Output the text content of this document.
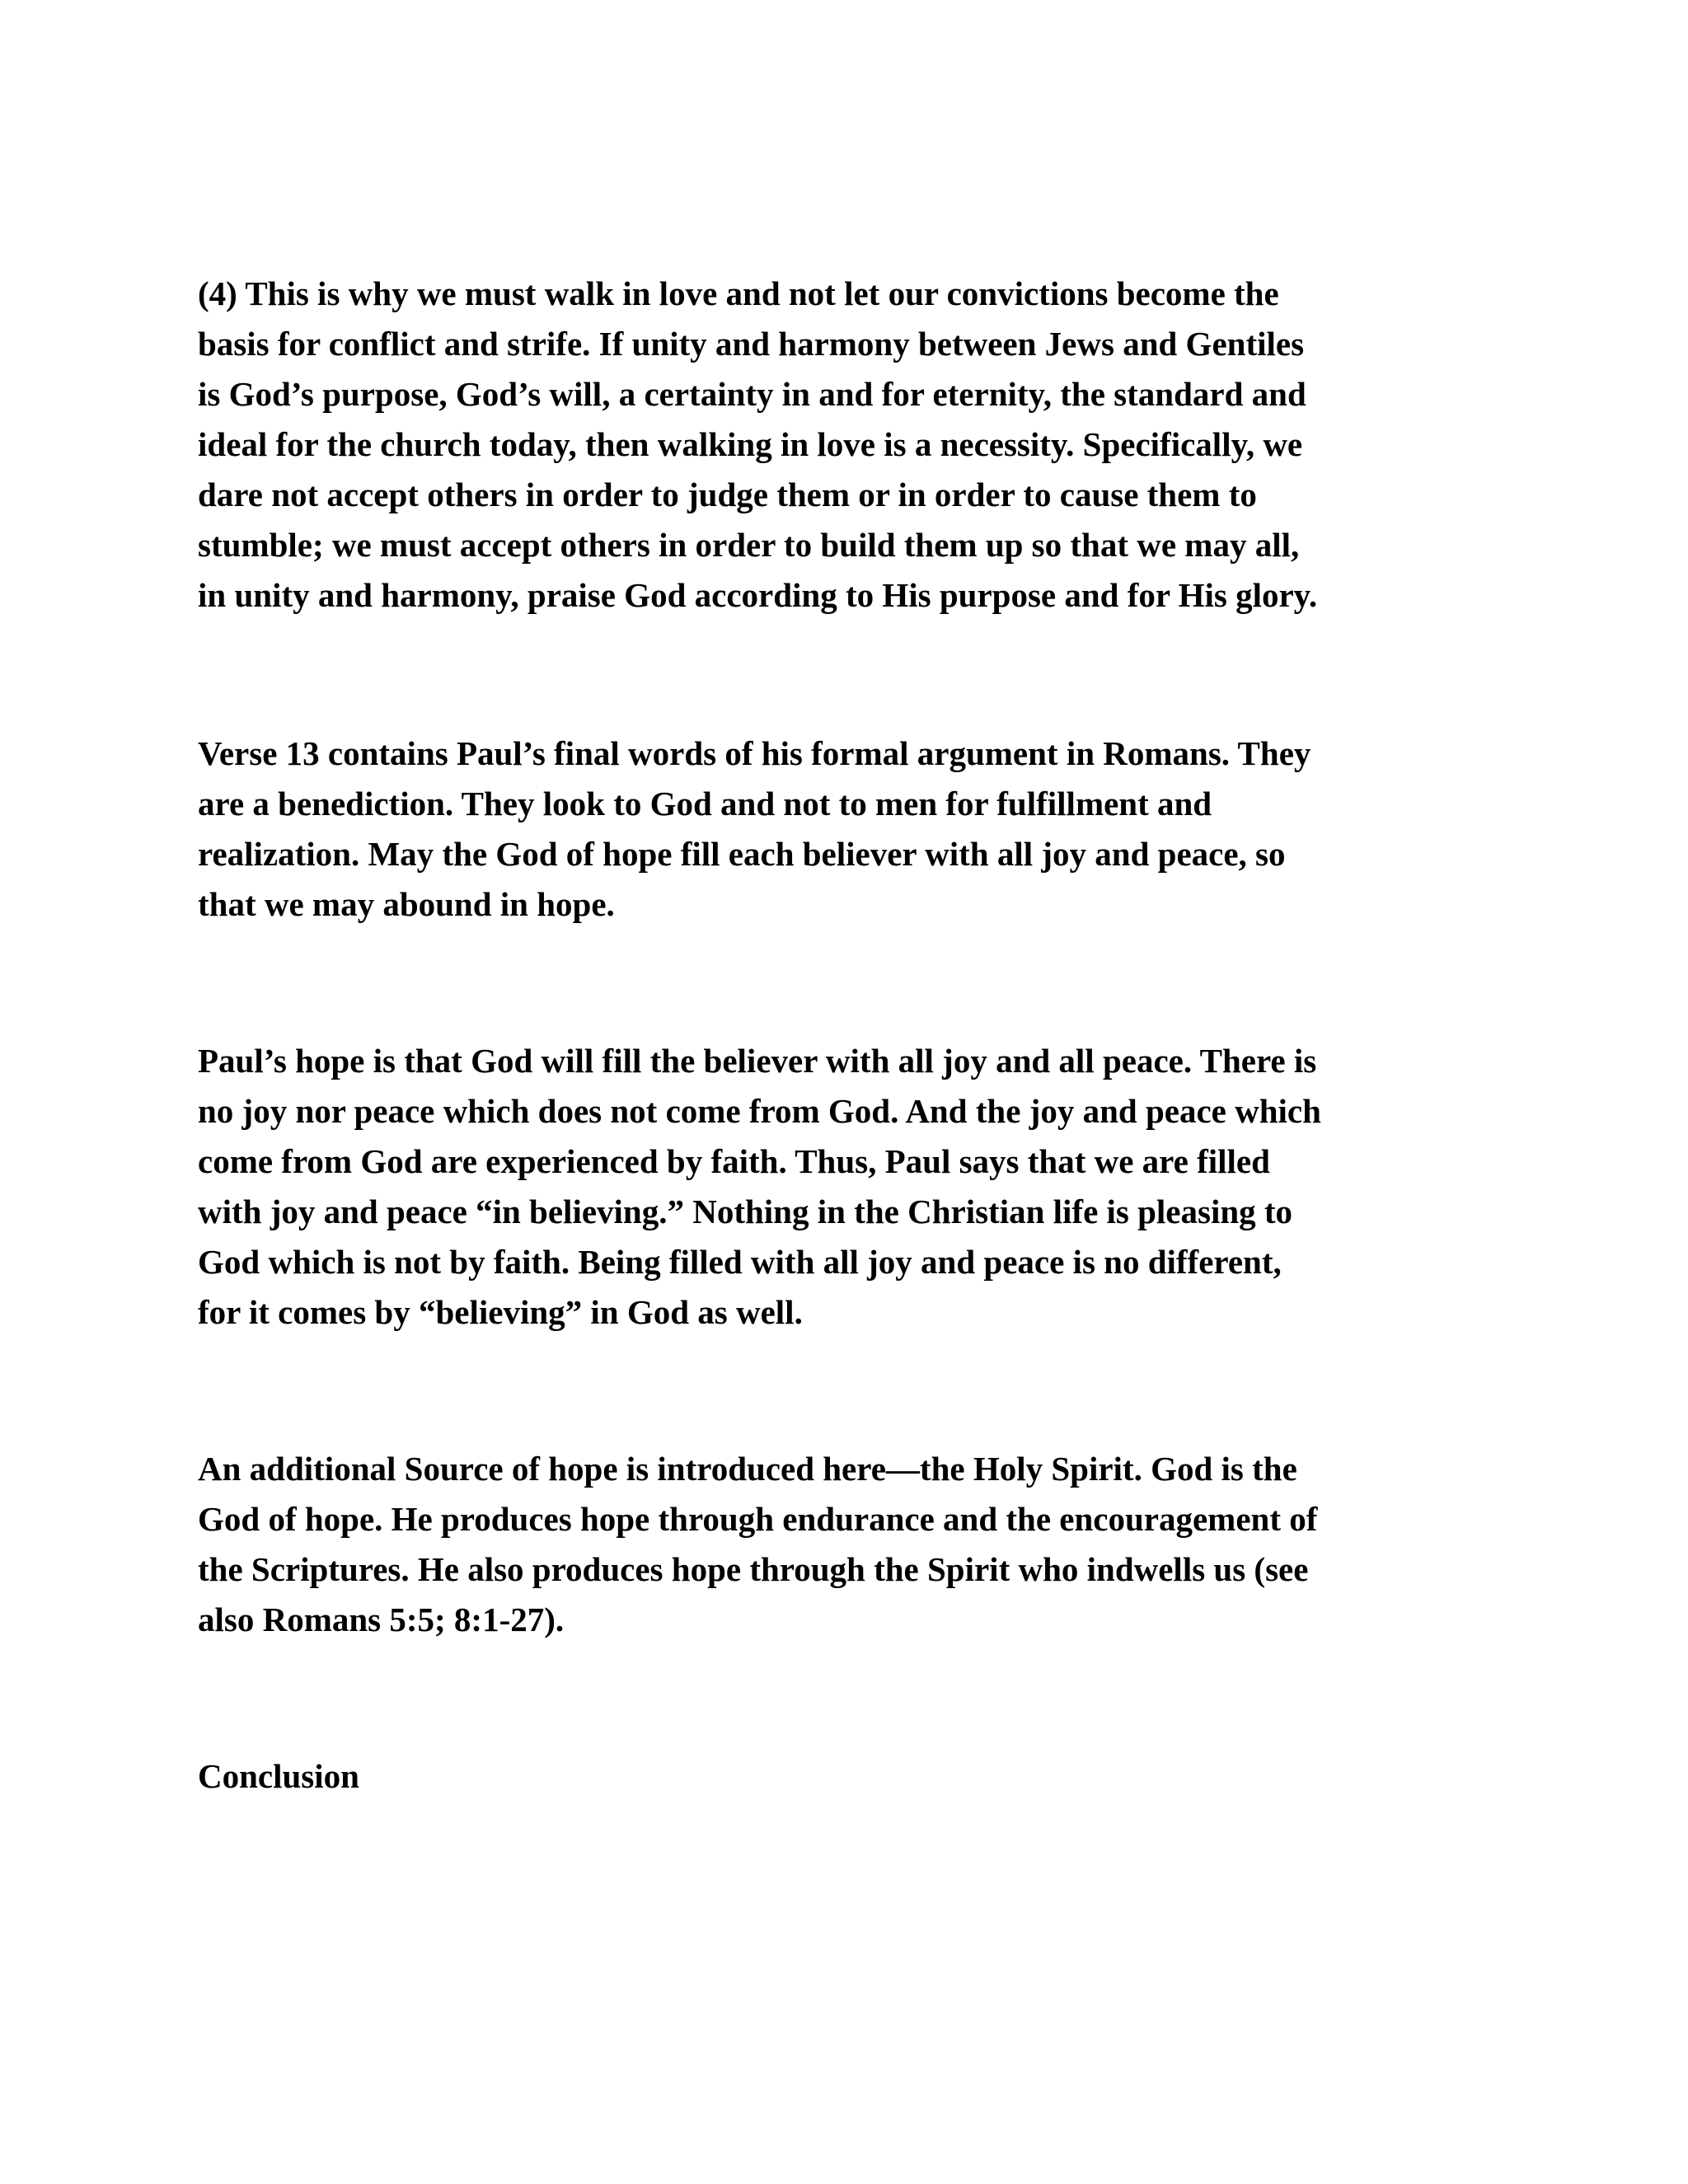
(4) This is why we must walk in love and not let our convictions become the
basis for conflict and strife. If unity and harmony between Jews and Gentiles
is God’s purpose, God’s will, a certainty in and for eternity, the standard and
ideal for the church today, then walking in love is a necessity. Specifically, we
dare not accept others in order to judge them or in order to cause them to
stumble; we must accept others in order to build them up so that we may all,
in unity and harmony, praise God according to His purpose and for His glory.

Verse 13 contains Paul’s final words of his formal argument in Romans. They
are a benediction. They look to God and not to men for fulfillment and
realization. May the God of hope fill each believer with all joy and peace, so
that we may abound in hope.

Paul’s hope is that God will fill the believer with all joy and all peace. There is
no joy nor peace which does not come from God. And the joy and peace which
come from God are experienced by faith. Thus, Paul says that we are filled
with joy and peace “in believing.” Nothing in the Christian life is pleasing to
God which is not by faith. Being filled with all joy and peace is no different,
for it comes by “believing” in God as well.

An additional Source of hope is introduced here—the Holy Spirit. God is the
God of hope. He produces hope through endurance and the encouragement of
the Scriptures. He also produces hope through the Spirit who indwells us (see
also Romans 5:5; 8:1-27).

Conclusion
